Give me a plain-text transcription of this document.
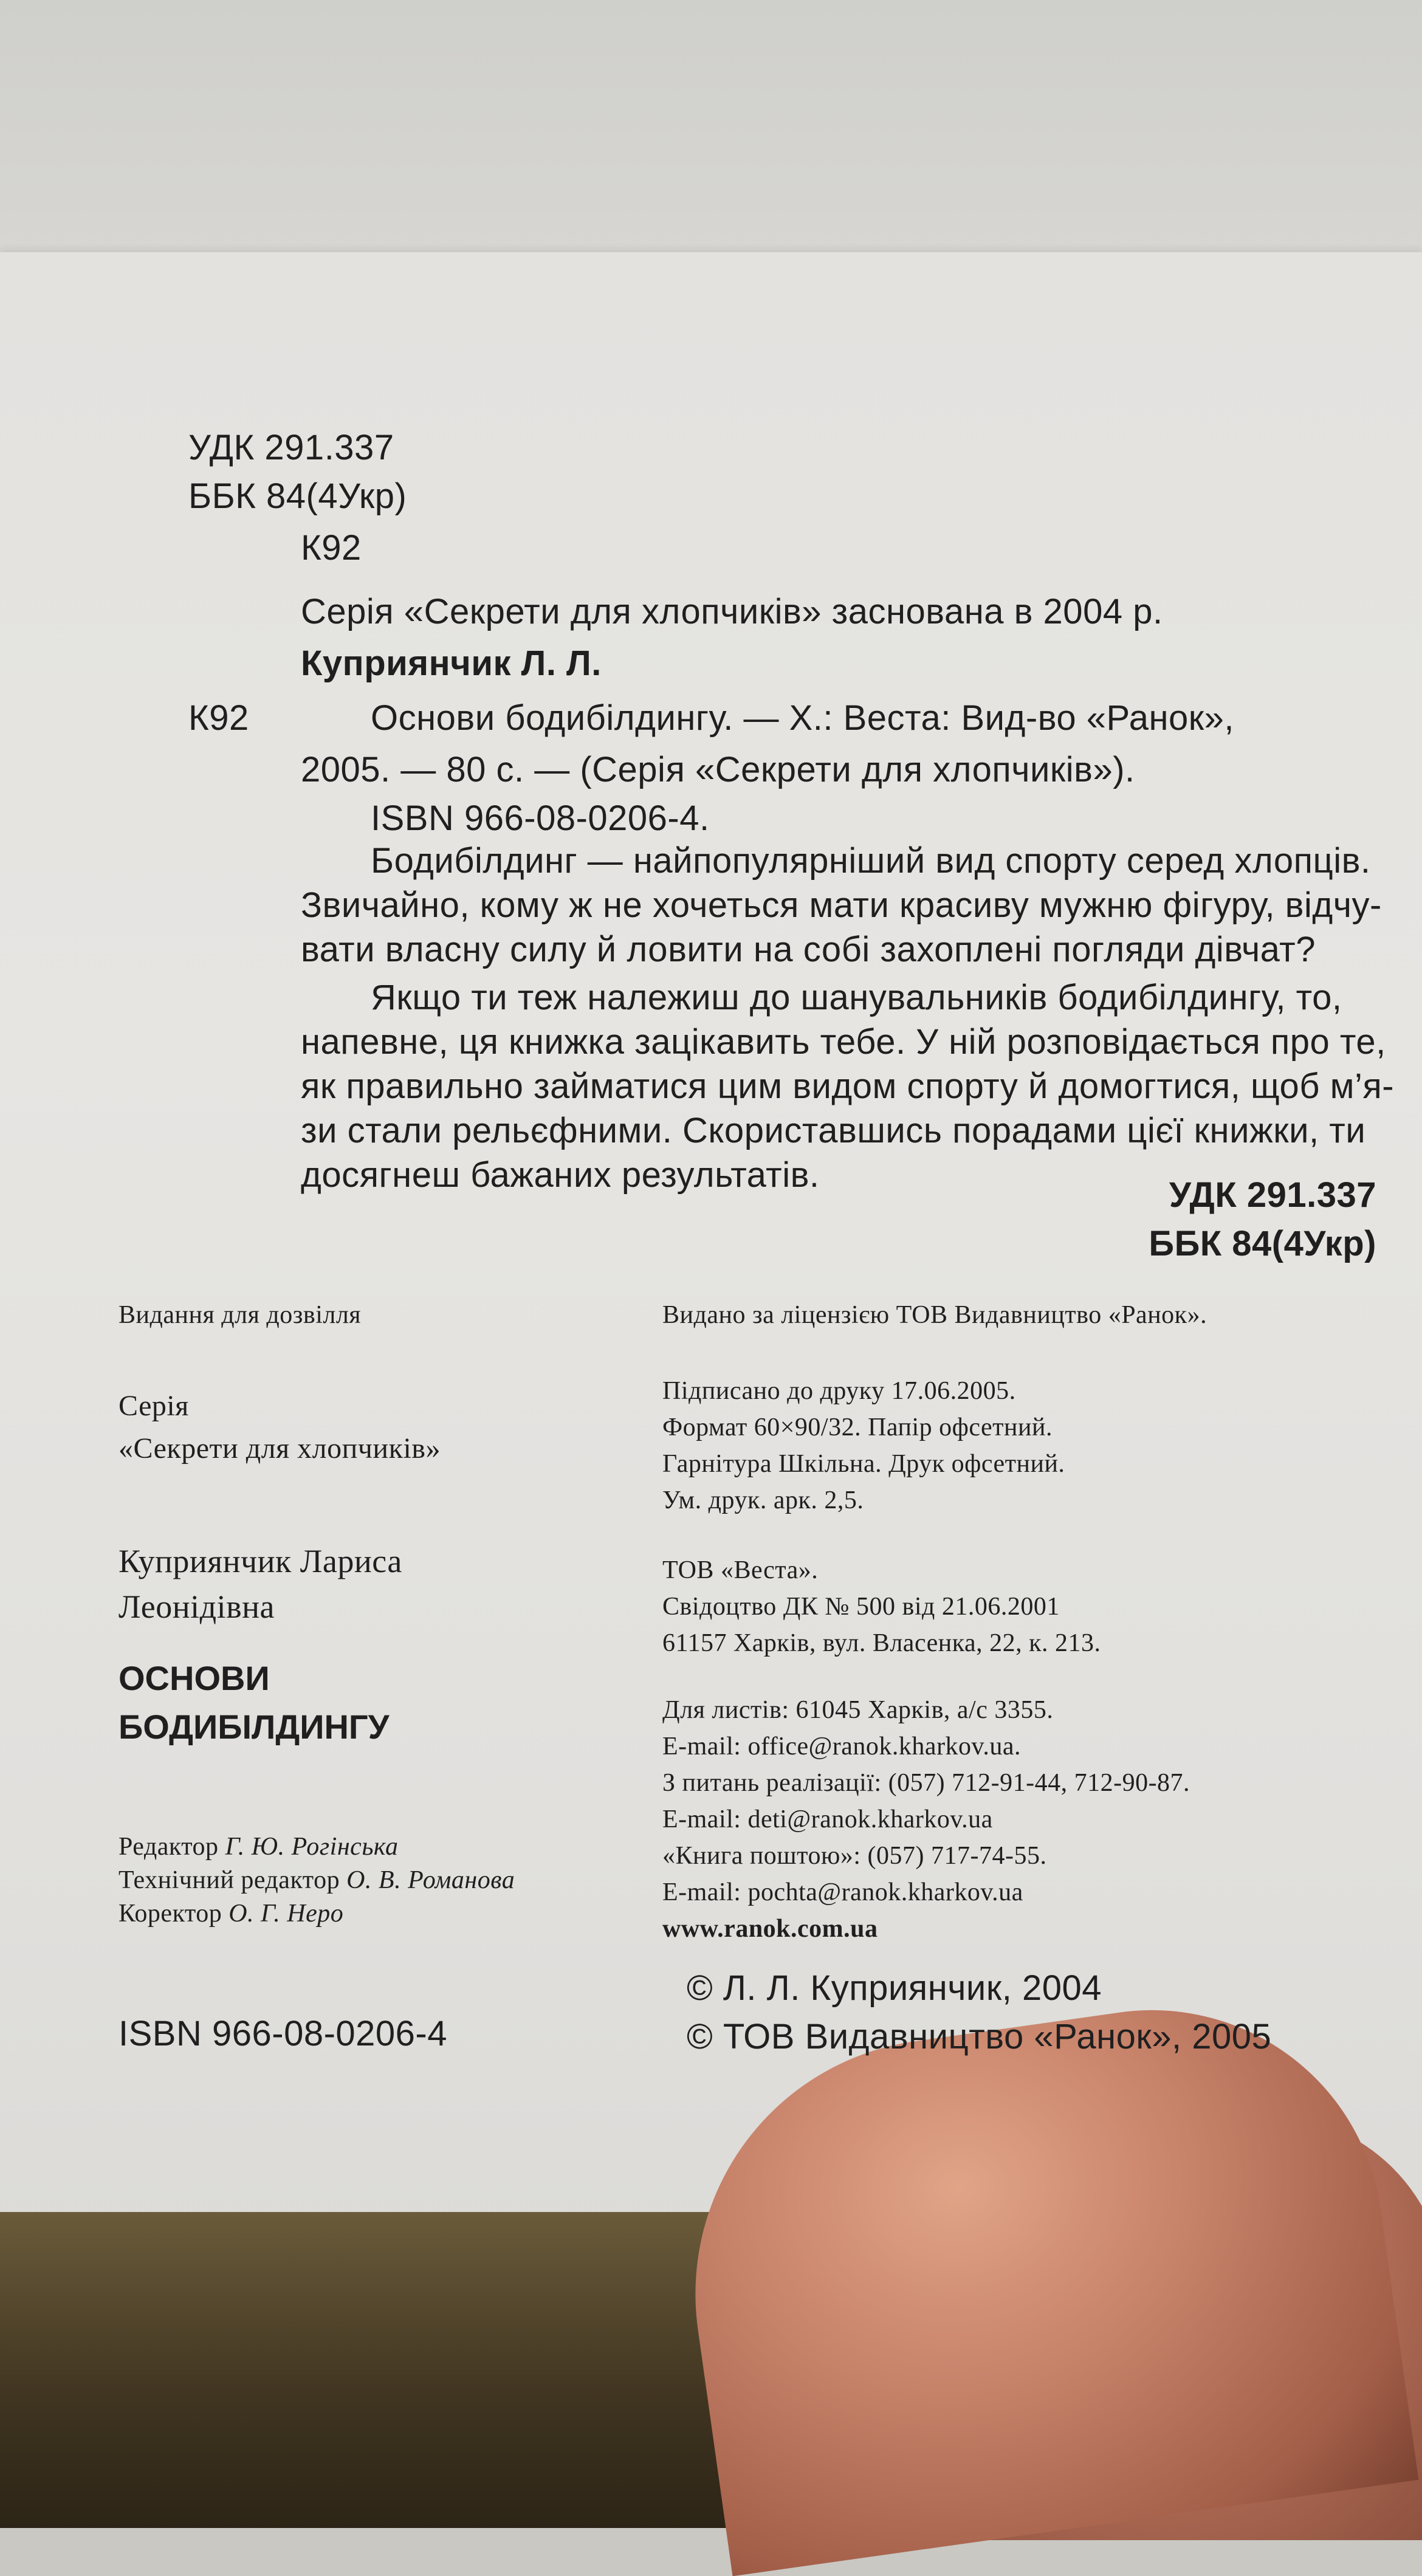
УДК 291.337

ББК 84(4Укр)

К92

Серія «Секрети для хлопчиків» заснована в 2004 р.

Куприянчик Л. Л.

К92	Основи бодибілдингу. — Х.: Веста: Вид-во «Ранок»,

2005. — 80 с. — (Серія «Секрети для хлопчиків»).

ISBN 966-08-0206-4.

Бодибілдинг — найпопулярніший вид спорту серед хлопців.

Звичайно, кому ж не хочеться мати красиву мужню фігуру, відчу-

вати власну силу й ловити на собі захоплені погляди дівчат?

Якщо ти теж належиш до шанувальників бодибілдингу, то,

напевне, ця книжка зацікавить тебе. У ній розповідається про те,

як правильно займатися цим видом спорту й домогтися, щоб м’я-

зи стали рельєфними. Скориставшись порадами цієї книжки, ти

досягнеш бажаних результатів.

УДК 291.337

ББК 84(4Укр)

Видання для дозвілля

Серія

«Секрети для хлопчиків»

Куприянчик Лариса

Леонідівна

ОСНОВИ

БОДИБІЛДИНГУ

Редактор Г. Ю. Рогінська

Технічний редактор О. В. Романова

Коректор О. Г. Неро

ISBN 966-08-0206-4

Видано за ліцензією ТОВ Видавництво «Ранок».

Підписано до друку 17.06.2005.

Формат 60×90/32. Папір офсетний.

Гарнітура Шкільна. Друк офсетний.

Ум. друк. арк. 2,5.

ТОВ «Веста».

Свідоцтво ДК № 500 від 21.06.2001

61157 Харків, вул. Власенка, 22, к. 213.

Для листів: 61045 Харків, а/с 3355.

E-mail: office@ranok.kharkov.ua.

З питань реалізації: (057) 712-91-44, 712-90-87.

E-mail: deti@ranok.kharkov.ua

«Книга поштою»: (057) 717-74-55.

E-mail: pochta@ranok.kharkov.ua

www.ranok.com.ua

© Л. Л. Куприянчик, 2004

© ТОВ Видавництво «Ранок», 2005
